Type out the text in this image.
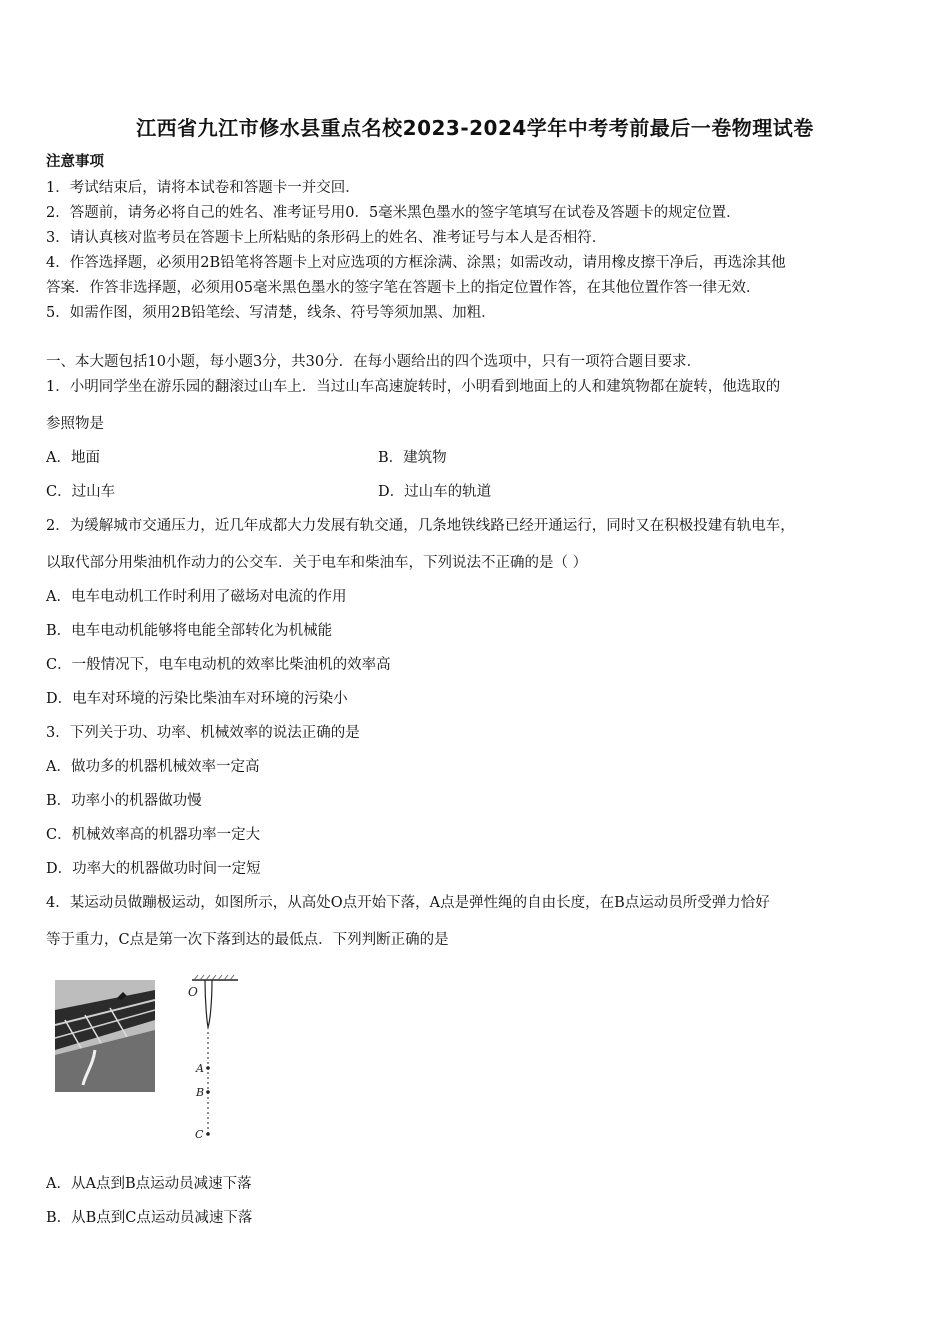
江西省九江市修水县重点名校2023-2024学年中考考前最后一卷物理试卷
注意事项
1．考试结束后，请将本试卷和答题卡一并交回．
2．答题前，请务必将自己的姓名、准考证号用0．5毫米黑色墨水的签字笔填写在试卷及答题卡的规定位置．
3．请认真核对监考员在答题卡上所粘贴的条形码上的姓名、准考证号与本人是否相符．
4．作答选择题，必须用2B铅笔将答题卡上对应选项的方框涂满、涂黑；如需改动，请用橡皮擦干净后，再选涂其他
答案．作答非选择题，必须用05毫米黑色墨水的签字笔在答题卡上的指定位置作答，在其他位置作答一律无效．
5．如需作图，须用2B铅笔绘、写清楚，线条、符号等须加黑、加粗．
一、本大题包括10小题，每小题3分，共30分．在每小题给出的四个选项中，只有一项符合题目要求．
1．小明同学坐在游乐园的翻滚过山车上．当过山车高速旋转时，小明看到地面上的人和建筑物都在旋转，他选取的
参照物是
A．地面	B．建筑物
C．过山车	D．过山车的轨道
2．为缓解城市交通压力，近几年成都大力发展有轨交通，几条地铁线路已经开通运行，同时又在积极投建有轨电车，
以取代部分用柴油机作动力的公交车．关于电车和柴油车，下列说法不正确的是（ ）
A．电车电动机工作时利用了磁场对电流的作用
B．电车电动机能够将电能全部转化为机械能
C．一般情况下，电车电动机的效率比柴油机的效率高
D．电车对环境的污染比柴油车对环境的污染小
3．下列关于功、功率、机械效率的说法正确的是
A．做功多的机器机械效率一定高
B．功率小的机器做功慢
C．机械效率高的机器功率一定大
D．功率大的机器做功时间一定短
4．某运动员做蹦极运动，如图所示，从高处O点开始下落，A点是弹性绳的自由长度，在B点运动员所受弹力恰好
等于重力，C点是第一次下落到达的最低点．下列判断正确的是
O
A
B
C
A．从A点到B点运动员减速下落
B．从B点到C点运动员减速下落
